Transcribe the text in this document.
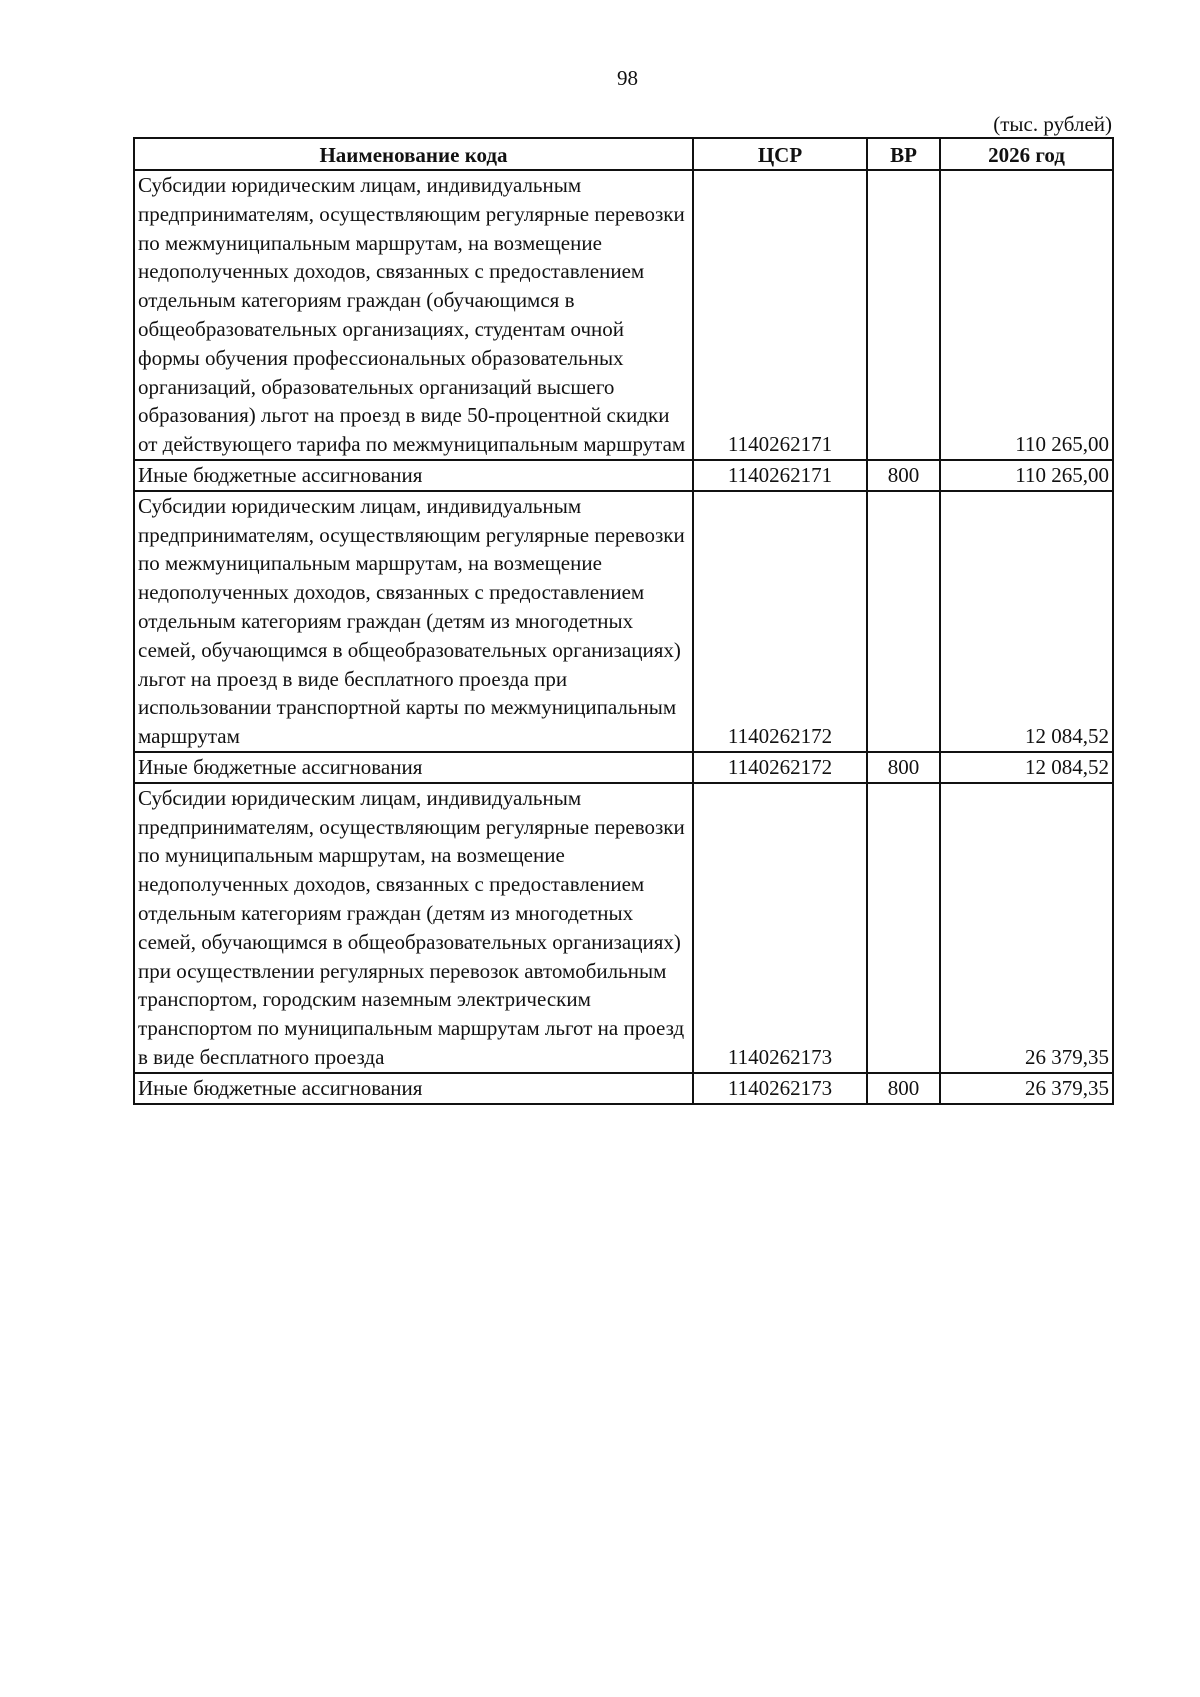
98
(тыс. рублей)
Наименование кода	ЦСР	ВР	2026 год
Субсидии юридическим лицам, индивидуальным предпринимателям, осуществляющим регулярные перевозки по межмуниципальным маршрутам, на возмещение недополученных доходов, связанных с предоставлением отдельным категориям граждан (обучающимся в общеобразовательных организациях, студентам очной формы обучения профессиональных образовательных организаций, образовательных организаций высшего образования) льгот на проезд в виде 50-процентной скидки от действующего тарифа по межмуниципальным маршрутам	1140262171		110 265,00
Иные бюджетные ассигнования	1140262171	800	110 265,00
Субсидии юридическим лицам, индивидуальным предпринимателям, осуществляющим регулярные перевозки по межмуниципальным маршрутам, на возмещение недополученных доходов, связанных с предоставлением отдельным категориям граждан (детям из многодетных семей, обучающимся в общеобразовательных организациях) льгот на проезд в виде бесплатного проезда при использовании транспортной карты по межмуниципальным маршрутам	1140262172		12 084,52
Иные бюджетные ассигнования	1140262172	800	12 084,52
Субсидии юридическим лицам, индивидуальным предпринимателям, осуществляющим регулярные перевозки по муниципальным маршрутам, на возмещение недополученных доходов, связанных с предоставлением отдельным категориям граждан (детям из многодетных семей, обучающимся в общеобразовательных организациях) при осуществлении регулярных перевозок автомобильным транспортом, городским наземным электрическим транспортом по муниципальным маршрутам льгот на проезд в виде бесплатного проезда	1140262173		26 379,35
Иные бюджетные ассигнования	1140262173	800	26 379,35
